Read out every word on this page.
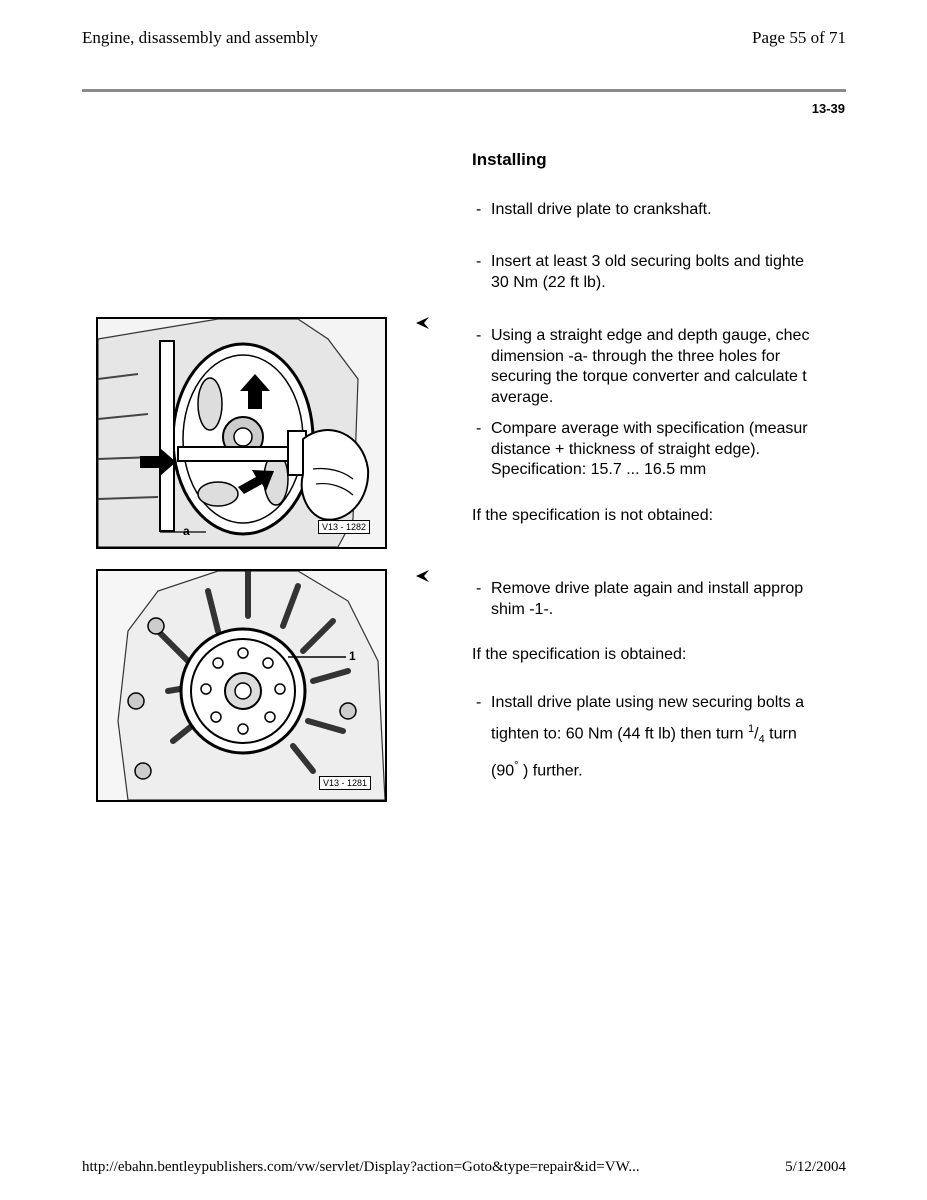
Engine, disassembly and assembly	Page 55 of 71
13-39
Installing
- Install drive plate to crankshaft.
- Insert at least 3 old securing bolts and tighte
30 Nm (22 ft lb).
a	V13 - 1282
- Using a straight edge and depth gauge, chec
dimension -a- through the three holes for
securing the torque converter and calculate t
average.
- Compare average with specification (measur
distance + thickness of straight edge).
Specification: 15.7 ... 16.5 mm
If the specification is not obtained:
1
V13 - 1281
- Remove drive plate again and install approp
shim -1-.
If the specification is obtained:
- Install drive plate using new securing bolts a
tighten to: 60 Nm (44 ft lb) then turn $^1/_4$ turn
(90° ) further.
http://ebahn.bentleypublishers.com/vw/servlet/Display?action=Goto&type=repair&id=VW...	5/12/2004
